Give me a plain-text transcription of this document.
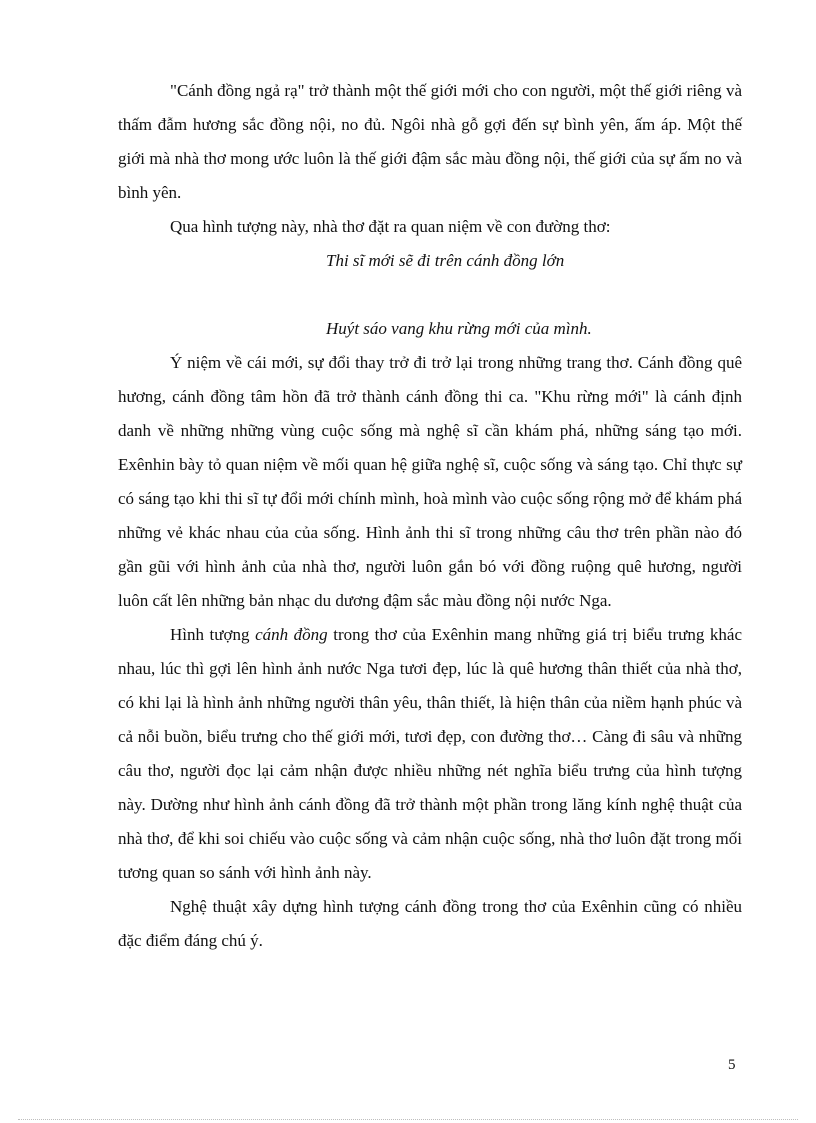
"Cánh đồng ngả rạ" trở thành một thế giới mới cho con người, một thế giới riêng và thấm đẫm hương sắc đồng nội, no đủ. Ngôi nhà gỗ gợi đến sự bình yên, ấm áp. Một thế giới mà nhà thơ mong ước luôn là thế giới đậm sắc màu đồng nội, thế giới của sự ấm no và bình yên.

Qua hình tượng này, nhà thơ đặt ra quan niệm về con đường thơ:

Thi sĩ mới sẽ đi trên cánh đồng lớn

Huýt sáo vang khu rừng mới của mình.

Ý niệm về cái mới, sự đổi thay trở đi trở lại trong những trang thơ. Cánh đồng quê hương, cánh đồng tâm hồn đã trở thành cánh đồng thi ca. "Khu rừng mới" là cánh định danh về những những vùng cuộc sống mà nghệ sĩ cần khám phá, những sáng tạo mới. Exênhin bày tỏ quan niệm về mối quan hệ giữa nghệ sĩ, cuộc sống và sáng tạo. Chỉ thực sự có sáng tạo khi thi sĩ tự đổi mới chính mình, hoà mình vào cuộc sống rộng mở để khám phá những vẻ khác nhau của của sống. Hình ảnh thi sĩ trong những câu thơ trên phần nào đó gần gũi với hình ảnh của nhà thơ, người luôn gắn bó với đồng ruộng quê hương, người luôn cất lên những bản nhạc du dương đậm sắc màu đồng nội nước Nga.

Hình tượng cánh đồng trong thơ của Exênhin mang những giá trị biểu trưng khác nhau, lúc thì gợi lên hình ảnh nước Nga tươi đẹp, lúc là quê hương thân thiết của nhà thơ, có khi lại là hình ảnh những người thân yêu, thân thiết, là hiện thân của niềm hạnh phúc và cả nỗi buồn, biểu trưng cho thế giới mới, tươi đẹp, con đường thơ… Càng đi sâu và những câu thơ, người đọc lại cảm nhận được nhiều những nét nghĩa biểu trưng của hình tượng này. Dường như hình ảnh cánh đồng đã trở thành một phần trong lăng kính nghệ thuật của nhà thơ, để khi soi chiếu vào cuộc sống và cảm nhận cuộc sống, nhà thơ luôn đặt trong mối tương quan so sánh với hình ảnh này.

Nghệ thuật xây dựng hình tượng cánh đồng trong thơ của Exênhin cũng có nhiều đặc điểm đáng chú ý.

5
